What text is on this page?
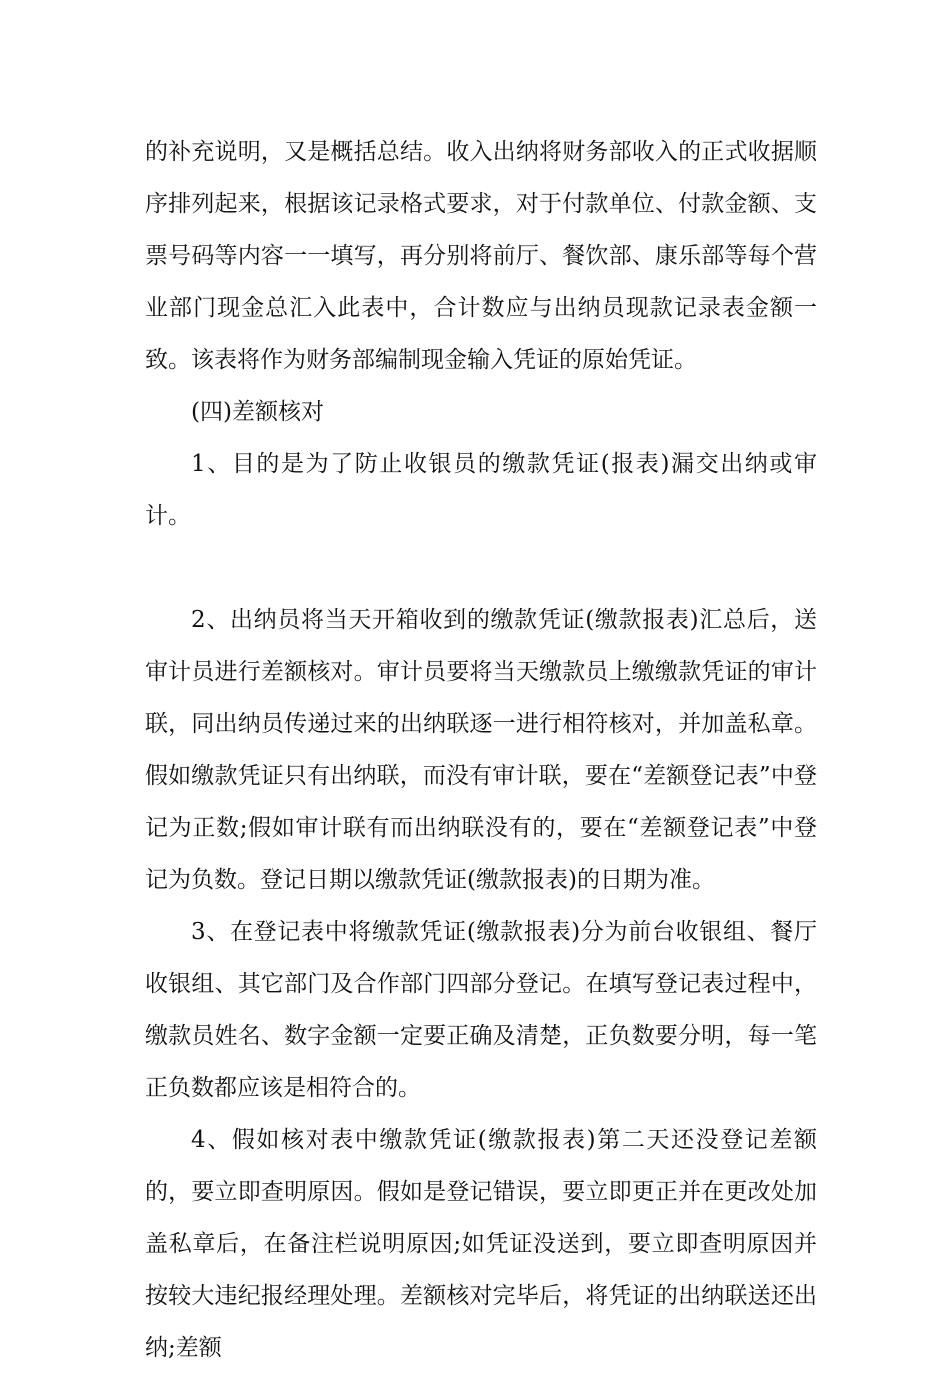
的补充说明，又是概括总结。收入出纳将财务部收入的正式收据顺序排列起来，根据该记录格式要求，对于付款单位、付款金额、支票号码等内容一一填写，再分别将前厅、餐饮部、康乐部等每个营业部门现金总汇入此表中，合计数应与出纳员现款记录表金额一致。该表将作为财务部编制现金输入凭证的原始凭证。

(四)差额核对

1、目的是为了防止收银员的缴款凭证(报表)漏交出纳或审计。

2、出纳员将当天开箱收到的缴款凭证(缴款报表)汇总后，送审计员进行差额核对。审计员要将当天缴款员上缴缴款凭证的审计联，同出纳员传递过来的出纳联逐一进行相符核对，并加盖私章。假如缴款凭证只有出纳联，而没有审计联，要在“差额登记表”中登记为正数;假如审计联有而出纳联没有的，要在“差额登记表”中登记为负数。登记日期以缴款凭证(缴款报表)的日期为准。

3、在登记表中将缴款凭证(缴款报表)分为前台收银组、餐厅收银组、其它部门及合作部门四部分登记。在填写登记表过程中，缴款员姓名、数字金额一定要正确及清楚，正负数要分明，每一笔正负数都应该是相符合的。

4、假如核对表中缴款凭证(缴款报表)第二天还没登记差额的，要立即查明原因。假如是登记错误，要立即更正并在更改处加盖私章后，在备注栏说明原因;如凭证没送到，要立即查明原因并按较大违纪报经理处理。差额核对完毕后，将凭证的出纳联送还出纳;差额
